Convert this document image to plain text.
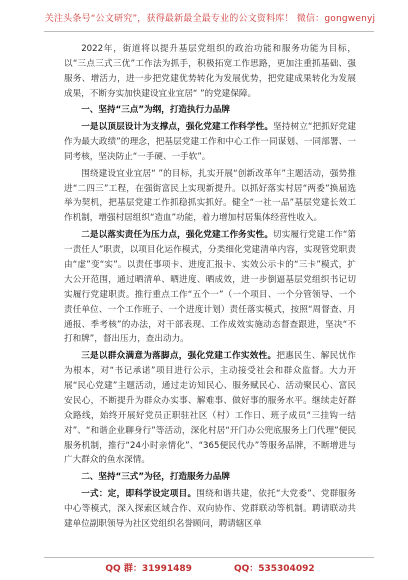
关注头条号“公文研究”，获得最新最全最专业的公文资料库！ 微信：gongwenyj

2022年，街道将以提升基层党组织的政治功能和服务功能为目标，以“三点三式三优”工作法为抓手，积极拓宽工作思路，更加注重抓基础、强服务、增活力，进一步把党建优势转化为发展优势，把党建成果转化为发展成果，不断夯实加快建设宜业宜居“ ”的党建保障。

一、坚持“三点”为纲，打造执行力品牌

一是以顶层设计为支撑点，强化党建工作科学性。坚持树立“把抓好党建作为最大政绩”的理念，把基层党建工作和中心工作一同谋划、一同部署、一同考核，坚决防止“一手硬、一手软”。

围绕建设宜业宜居“ ”的目标，扎实开展“创新改革年”主题活动，强势推进“二四三”工程，在强街富民上实现新提升。以抓好落实村居“两委”换届选举为契机，把基层党建工作抓稳抓实抓好。健全“一社一品”基层党建长效工作机制，增强村居组织“造血”功能，着力增加村居集体经营性收入。

二是以落实责任为压力点，强化党建工作务实性。切实履行党建工作“第一责任人”职责，以项目化运作模式，分类细化党建清单内容，实现管党职责由“虚”变“实”。以责任事项卡、进度汇报卡、实效公示卡的“三卡”模式，扩大公开范围，通过晒清单、晒进度、晒成效，进一步倒逼基层党组织书记切实履行党建职责。推行重点工作“五个一”（一个项目、一个分管领导、一个责任单位、一个工作班子、一个进度计划）责任落实模式，按照“周督查、月通报、季考核”的办法，对干部表现、工作成效实施动态督查跟进，坚决“不打和牌”，督出压力，查出动力。

三是以群众满意为落脚点，强化党建工作实效性。把惠民生、解民忧作为根本，对“书记承诺”项目进行公示，主动接受社会和群众监督。大力开展“民心党建”主题活动，通过走访知民心、服务赋民心、活动聚民心、富民安民心，不断提升为群众办实事、解难事、做好事的服务水平。继续走好群众路线，始终开展好党员正职驻社区（村）工作日、班子成员“三挂钩一结对”、“和谐企业聊身行”等活动，深化村居“开门办公兜底服务上门代理”便民服务机制，推行“24小时亲情化”、“365便民代办”等服务品牌，不断增进与广大群众的鱼水深情。

二、坚持“三式”为径，打造服务力品牌

一式：定，即科学设定项目。围绕和谐共建，依托“大党委”、党群服务中心等模式，深入探索区域合作、双向协作、党群联动等机制。聘请联动共建单位副职领导为社区党组织名誉顾问，聘请辖区单

QQ 群：31991489	QQ：535304092
